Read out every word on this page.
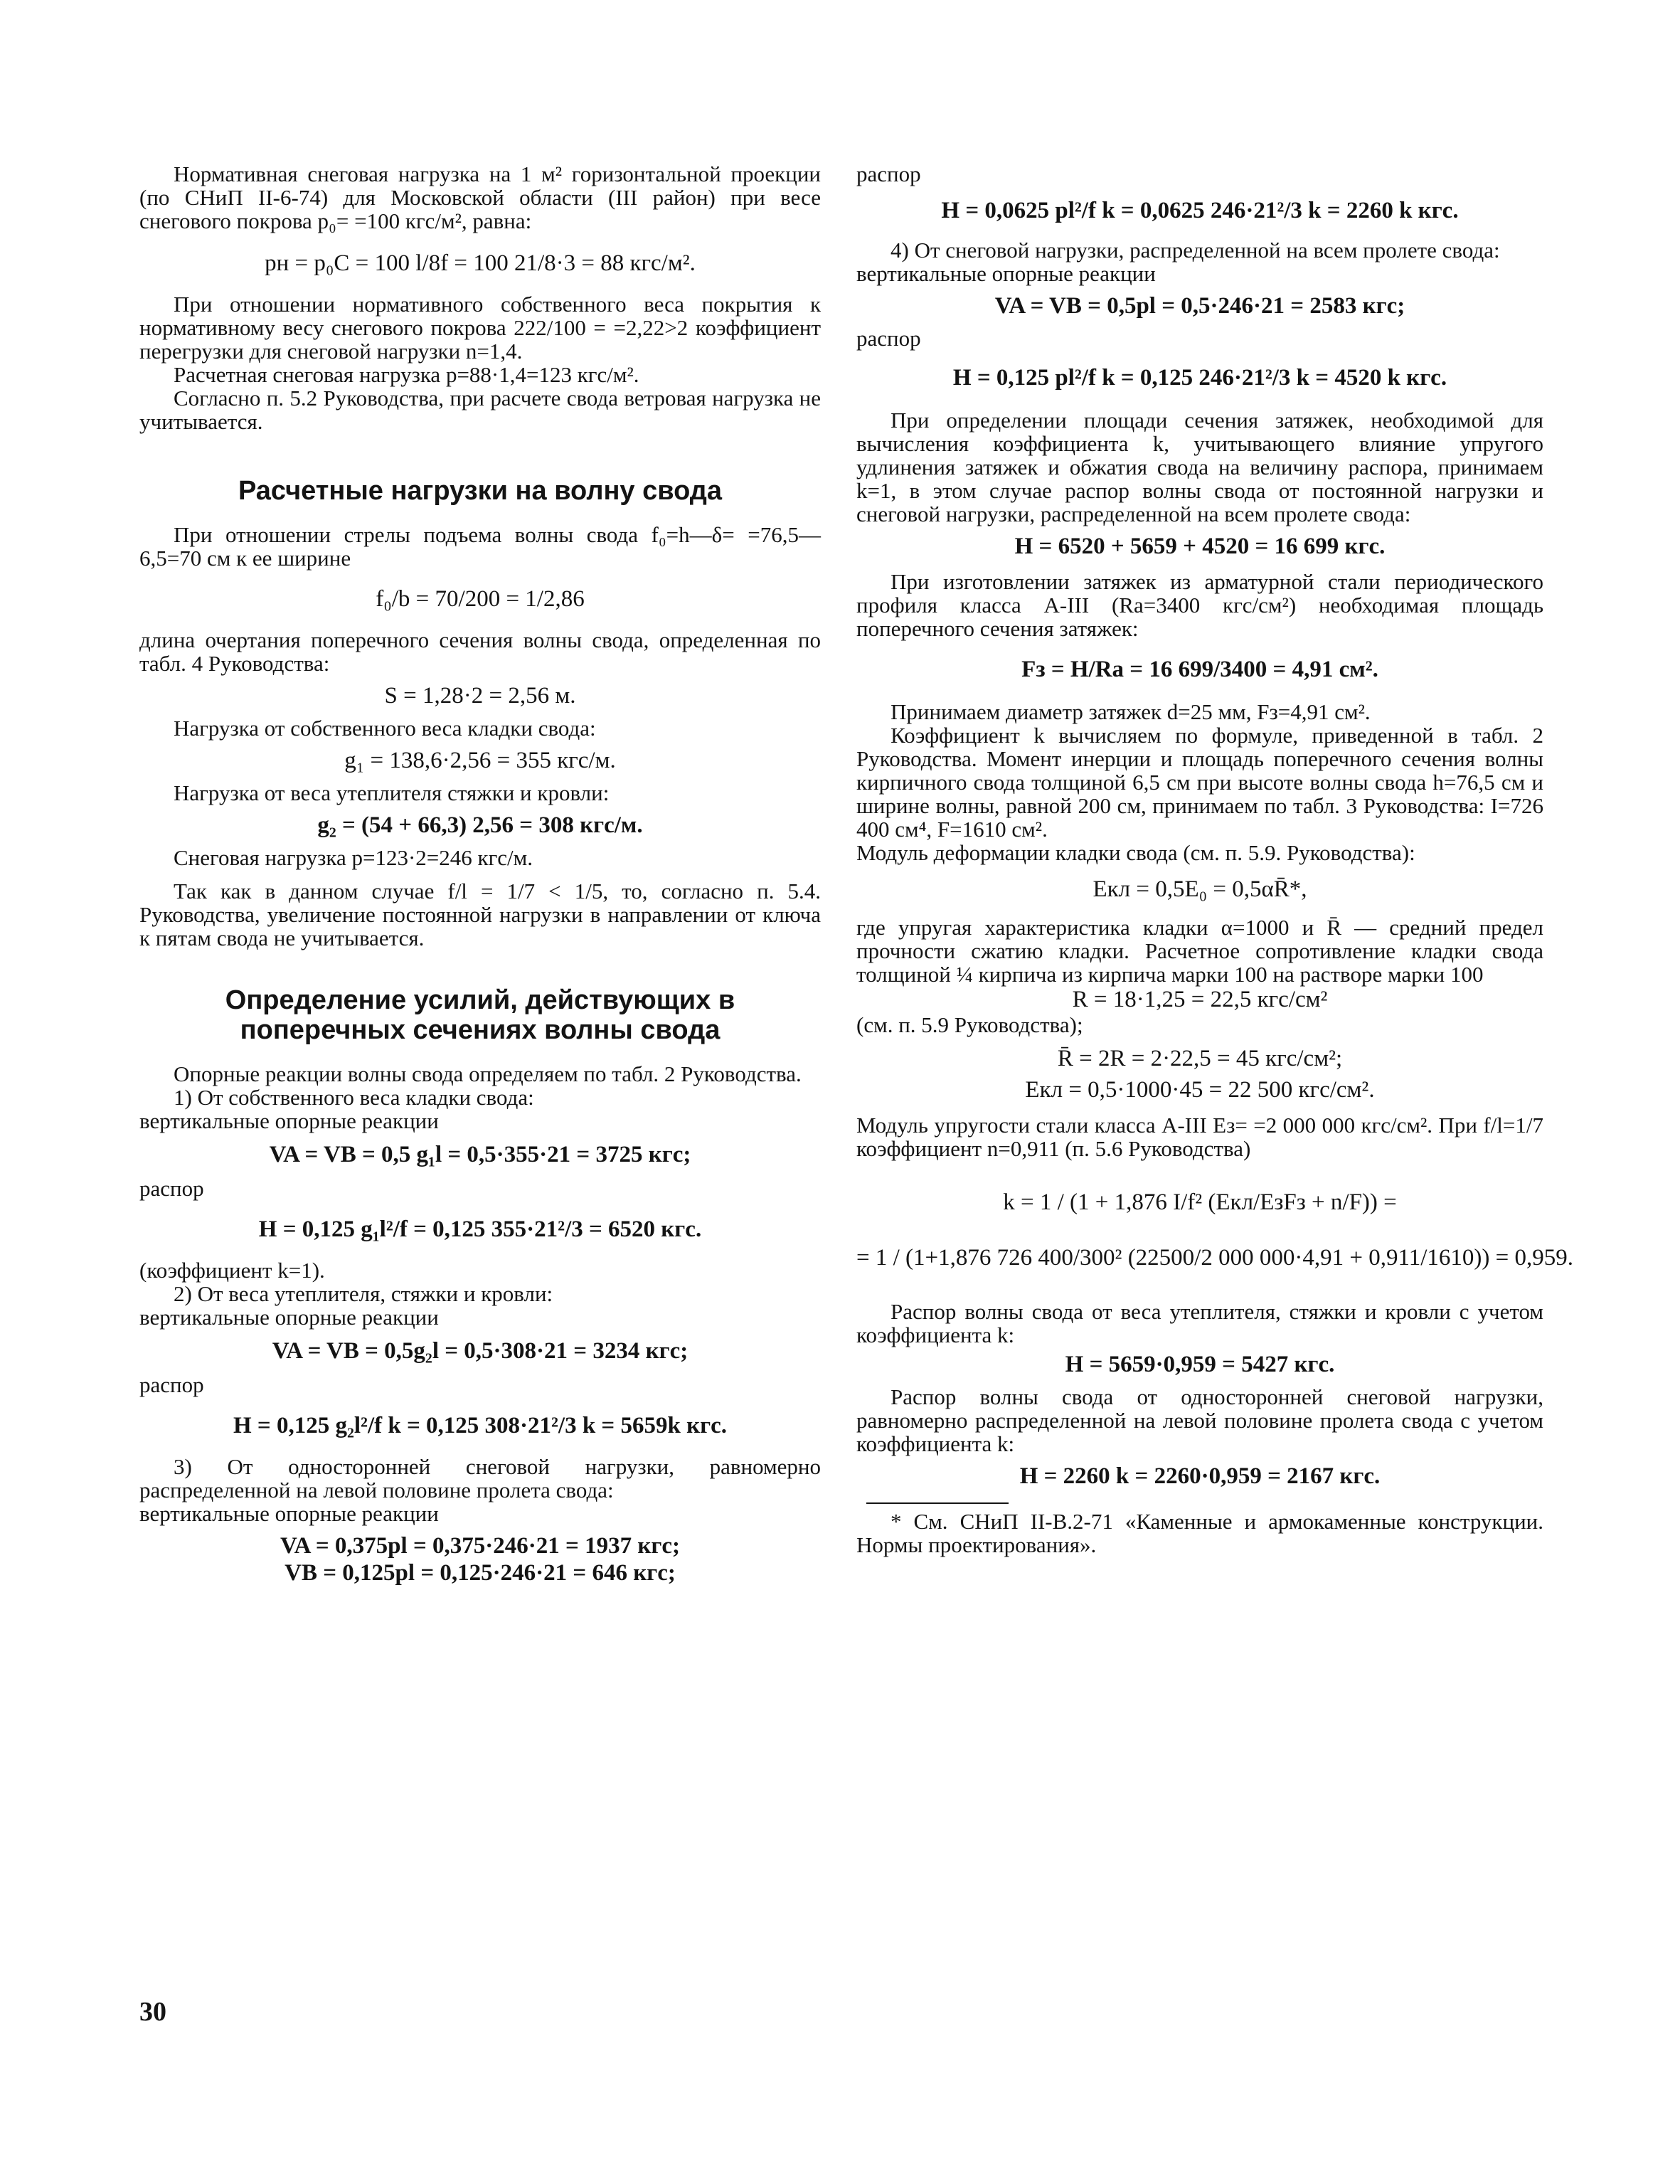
Нормативная снеговая нагрузка на 1 м² горизонтальной проекции (по СНиП II-6-74) для Московской области (III район) при весе снегового покрова p₀= =100 кгс/м², равна:

pн = p₀C = 100 l/8f = 100 21/8·3 = 88 кгс/м².

При отношении нормативного собственного веса покрытия к нормативному весу снегового покрова 222/100 = =2,22>2 коэффициент перегрузки для снеговой нагрузки n=1,4.

Расчетная снеговая нагрузка p=88·1,4=123 кгс/м².

Согласно п. 5.2 Руководства, при расчете свода ветровая нагрузка не учитывается.

Расчетные нагрузки на волну свода

При отношении стрелы подъема волны свода f₀=h—δ= =76,5—6,5=70 см к ее ширине

f₀/b = 70/200 = 1/2,86

длина очертания поперечного сечения волны свода, определенная по табл. 4 Руководства:

S = 1,28·2 = 2,56 м.

Нагрузка от собственного веса кладки свода:

g₁ = 138,6·2,56 = 355 кгс/м.

Нагрузка от веса утеплителя стяжки и кровли:

g₂ = (54 + 66,3) 2,56 = 308 кгс/м.

Снеговая нагрузка p=123·2=246 кгс/м.

Так как в данном случае f/l = 1/7 < 1/5, то, согласно п. 5.4. Руководства, увеличение постоянной нагрузки в направлении от ключа к пятам свода не учитывается.

Определение усилий, действующих в поперечных сечениях волны свода

Опорные реакции волны свода определяем по табл. 2 Руководства.

1) От собственного веса кладки свода:

вертикальные опорные реакции

VA = VB = 0,5 g₁l = 0,5·355·21 = 3725 кгс;

распор

H = 0,125 g₁l²/f = 0,125 355·21²/3 = 6520 кгс.

(коэффициент k=1).

2) От веса утеплителя, стяжки и кровли:

вертикальные опорные реакции

VA = VB = 0,5g₂l = 0,5·308·21 = 3234 кгс;

распор

H = 0,125 g₂l²/f k = 0,125 308·21²/3 k = 5659k кгс.

3) От односторонней снеговой нагрузки, равномерно распределенной на левой половине пролета свода:

вертикальные опорные реакции

VA = 0,375pl = 0,375·246·21 = 1937 кгс;
VB = 0,125pl = 0,125·246·21 = 646 кгс;

распор

H = 0,0625 pl²/f k = 0,0625 246·21²/3 k = 2260 k кгс.

4) От снеговой нагрузки, распределенной на всем пролете свода:

вертикальные опорные реакции

VA = VB = 0,5pl = 0,5·246·21 = 2583 кгс;

распор

H = 0,125 pl²/f k = 0,125 246·21²/3 k = 4520 k кгс.

При определении площади сечения затяжек, необходимой для вычисления коэффициента k, учитывающего влияние упругого удлинения затяжек и обжатия свода на величину распора, принимаем k=1, в этом случае распор волны свода от постоянной нагрузки и снеговой нагрузки, распределенной на всем пролете свода:

H = 6520 + 5659 + 4520 = 16 699 кгс.

При изготовлении затяжек из арматурной стали периодического профиля класса А-III (Rа=3400 кгс/см²) необходимая площадь поперечного сечения затяжек:

Fз = H/Rа = 16 699/3400 = 4,91 см².

Принимаем диаметр затяжек d=25 мм, Fз=4,91 см².

Коэффициент k вычисляем по формуле, приведенной в табл. 2 Руководства. Момент инерции и площадь поперечного сечения волны кирпичного свода толщиной 6,5 см при высоте волны свода h=76,5 см и ширине волны, равной 200 см, принимаем по табл. 3 Руководства: I=726 400 см⁴, F=1610 см².

Модуль деформации кладки свода (см. п. 5.9. Руководства):

Eкл = 0,5E₀ = 0,5αR̄*,

где упругая характеристика кладки α=1000 и R̄ — средний предел прочности сжатию кладки. Расчетное сопротивление кладки свода толщиной ¼ кирпича из кирпича марки 100 на растворе марки 100

R = 18·1,25 = 22,5 кгс/см²

(см. п. 5.9 Руководства);

R̄ = 2R = 2·22,5 = 45 кгс/см²;
Eкл = 0,5·1000·45 = 22 500 кгс/см².

Модуль упругости стали класса А-III Eз= =2 000 000 кгс/см². При f/l=1/7 коэффициент n=0,911 (п. 5.6 Руководства)

k = 1 / (1 + 1,876 I/f² (Eкл/EзFз + n/F)) =
= 1 / (1+1,876 726 400/300² (22500/2 000 000·4,91 + 0,911/1610)) = 0,959.

Распор волны свода от веса утеплителя, стяжки и кровли с учетом коэффициента k:

H = 5659·0,959 = 5427 кгс.

Распор волны свода от односторонней снеговой нагрузки, равномерно распределенной на левой половине пролета свода с учетом коэффициента k:

H = 2260 k = 2260·0,959 = 2167 кгс.

* См. СНиП II-В.2-71 «Каменные и армокаменные конструкции. Нормы проектирования».

30
